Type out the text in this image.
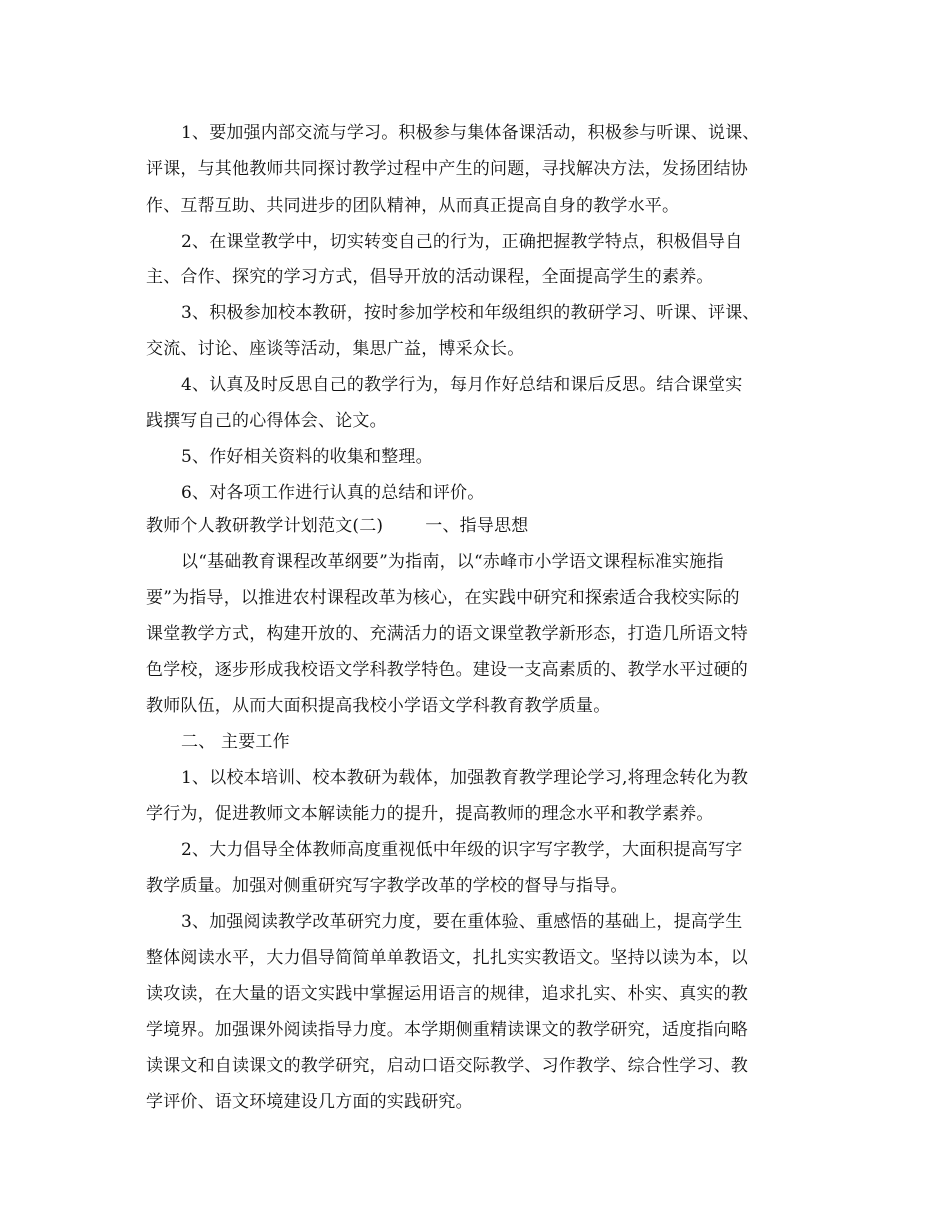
1、要加强内部交流与学习。积极参与集体备课活动，积极参与听课、说课、
评课，与其他教师共同探讨教学过程中产生的问题，寻找解决方法，发扬团结协
作、互帮互助、共同进步的团队精神，从而真正提高自身的教学水平。
2、在课堂教学中，切实转变自己的行为，正确把握教学特点，积极倡导自
主、合作、探究的学习方式，倡导开放的活动课程，全面提高学生的素养。
3、积极参加校本教研，按时参加学校和年级组织的教研学习、听课、评课、
交流、讨论、座谈等活动，集思广益，博采众长。
4、认真及时反思自己的教学行为，每月作好总结和课后反思。结合课堂实
践撰写自己的心得体会、论文。
5、作好相关资料的收集和整理。
6、对各项工作进行认真的总结和评价。
教师个人教研教学计划范文(二) 一、指导思想
以“基础教育课程改革纲要”为指南，以“赤峰市小学语文课程标准实施指
要”为指导，以推进农村课程改革为核心，在实践中研究和探索适合我校实际的
课堂教学方式，构建开放的、充满活力的语文课堂教学新形态，打造几所语文特
色学校，逐步形成我校语文学科教学特色。建设一支高素质的、教学水平过硬的
教师队伍，从而大面积提高我校小学语文学科教育教学质量。
二、 主要工作
1、以校本培训、校本教研为载体，加强教育教学理论学习,将理念转化为教
学行为，促进教师文本解读能力的提升，提高教师的理念水平和教学素养。
2、大力倡导全体教师高度重视低中年级的识字写字教学，大面积提高写字
教学质量。加强对侧重研究写字教学改革的学校的督导与指导。
3、加强阅读教学改革研究力度，要在重体验、重感悟的基础上，提高学生
整体阅读水平，大力倡导简简单单教语文，扎扎实实教语文。坚持以读为本，以
读攻读，在大量的语文实践中掌握运用语言的规律，追求扎实、朴实、真实的教
学境界。加强课外阅读指导力度。本学期侧重精读课文的教学研究，适度指向略
读课文和自读课文的教学研究，启动口语交际教学、习作教学、综合性学习、教
学评价、语文环境建设几方面的实践研究。
